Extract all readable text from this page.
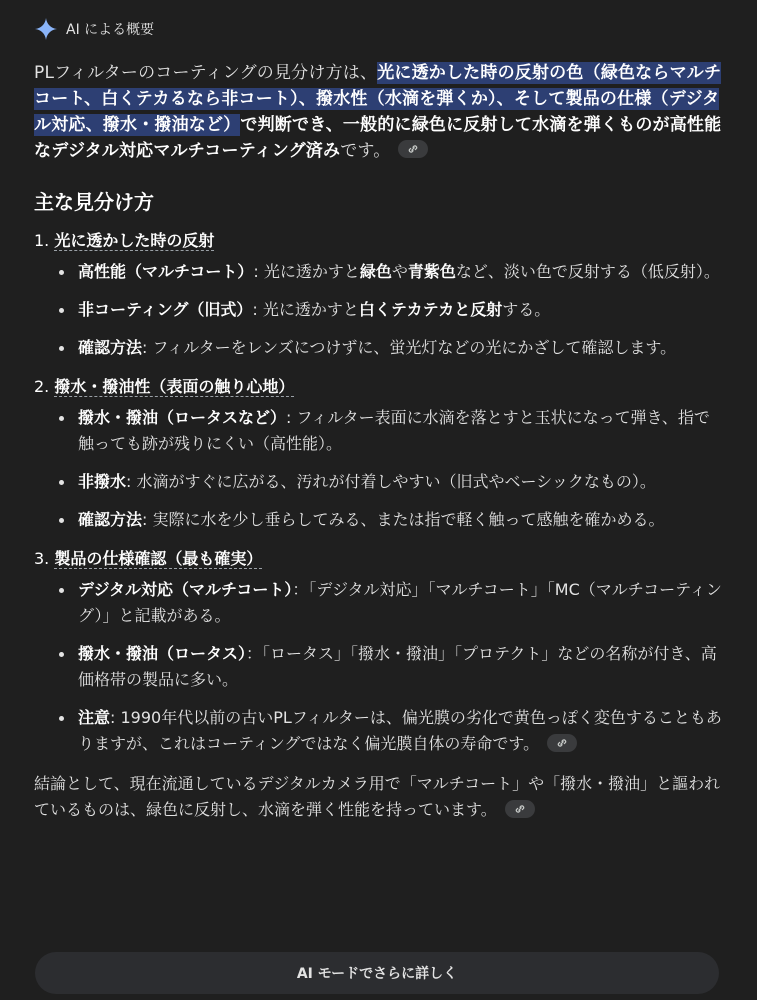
AI による概要
PLフィルターのコーティングの見分け方は、光に透かした時の反射の色（緑色ならマルチコート、白くテカるなら非コート）、撥水性（水滴を弾くか）、そして製品の仕様（デジタル対応、撥水・撥油など）で判断でき、一般的に緑色に反射して水滴を弾くものが高性能なデジタル対応マルチコーティング済みです。
主な見分け方
1. 光に透かした時の反射
高性能（マルチコート）: 光に透かすと緑色や青紫色など、淡い色で反射する（低反射）。
非コーティング（旧式）: 光に透かすと白くテカテカと反射する。
確認方法: フィルターをレンズにつけずに、蛍光灯などの光にかざして確認します。
2. 撥水・撥油性（表面の触り心地）
撥水・撥油（ロータスなど）: フィルター表面に水滴を落とすと玉状になって弾き、指で触っても跡が残りにくい（高性能）。
非撥水: 水滴がすぐに広がる、汚れが付着しやすい（旧式やベーシックなもの）。
確認方法: 実際に水を少し垂らしてみる、または指で軽く触って感触を確かめる。
3. 製品の仕様確認（最も確実）
デジタル対応（マルチコート）：「デジタル対応」「マルチコート」「MC（マルチコーティング）」と記載がある。
撥水・撥油（ロータス）：「ロータス」「撥水・撥油」「プロテクト」などの名称が付き、高価格帯の製品に多い。
注意: 1990年代以前の古いPLフィルターは、偏光膜の劣化で黄色っぽく変色することもありますが、これはコーティングではなく偏光膜自体の寿命です。
結論として、現在流通しているデジタルカメラ用で「マルチコート」や「撥水・撥油」と謳われているものは、緑色に反射し、水滴を弾く性能を持っています。
AI モードでさらに詳しく
